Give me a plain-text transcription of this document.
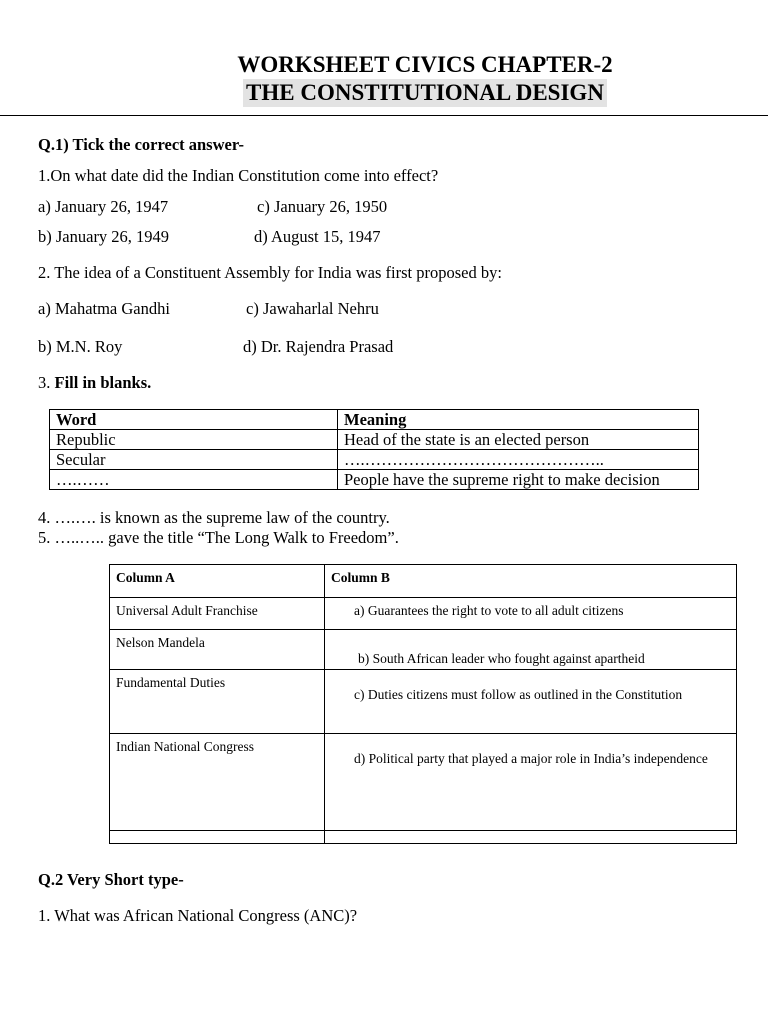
WORKSHEET CIVICS CHAPTER-2
THE CONSTITUTIONAL DESIGN
Q.1) Tick the correct answer-
1.On what date did the Indian Constitution come into effect?
a) January 26, 1947	c) January 26, 1950
b) January 26, 1949	d) August 15, 1947
2. The idea of a Constituent Assembly for India was first proposed by:
a) Mahatma Gandhi	c) Jawaharlal Nehru
b) M.N. Roy	d) Dr. Rajendra Prasad
3. Fill in blanks.
Word	Meaning
Republic	Head of the state is an elected person
Secular	….……………………………………..
….……	People have the supreme right to make decision
4. ….…. is known as the supreme law of the country.
5. …..….. gave the title “The Long Walk to Freedom”.
Column A	Column B
Universal Adult Franchise	a) Guarantees the right to vote to all adult citizens

Nelson Mandela	b) South African leader who fought against apartheid

Fundamental Duties	c) Duties citizens must follow as outlined in the Constitution

Indian National Congress	d) Political party that played a major role in India’s independence

Q.2 Very Short type-
1. What was African National Congress (ANC)?
